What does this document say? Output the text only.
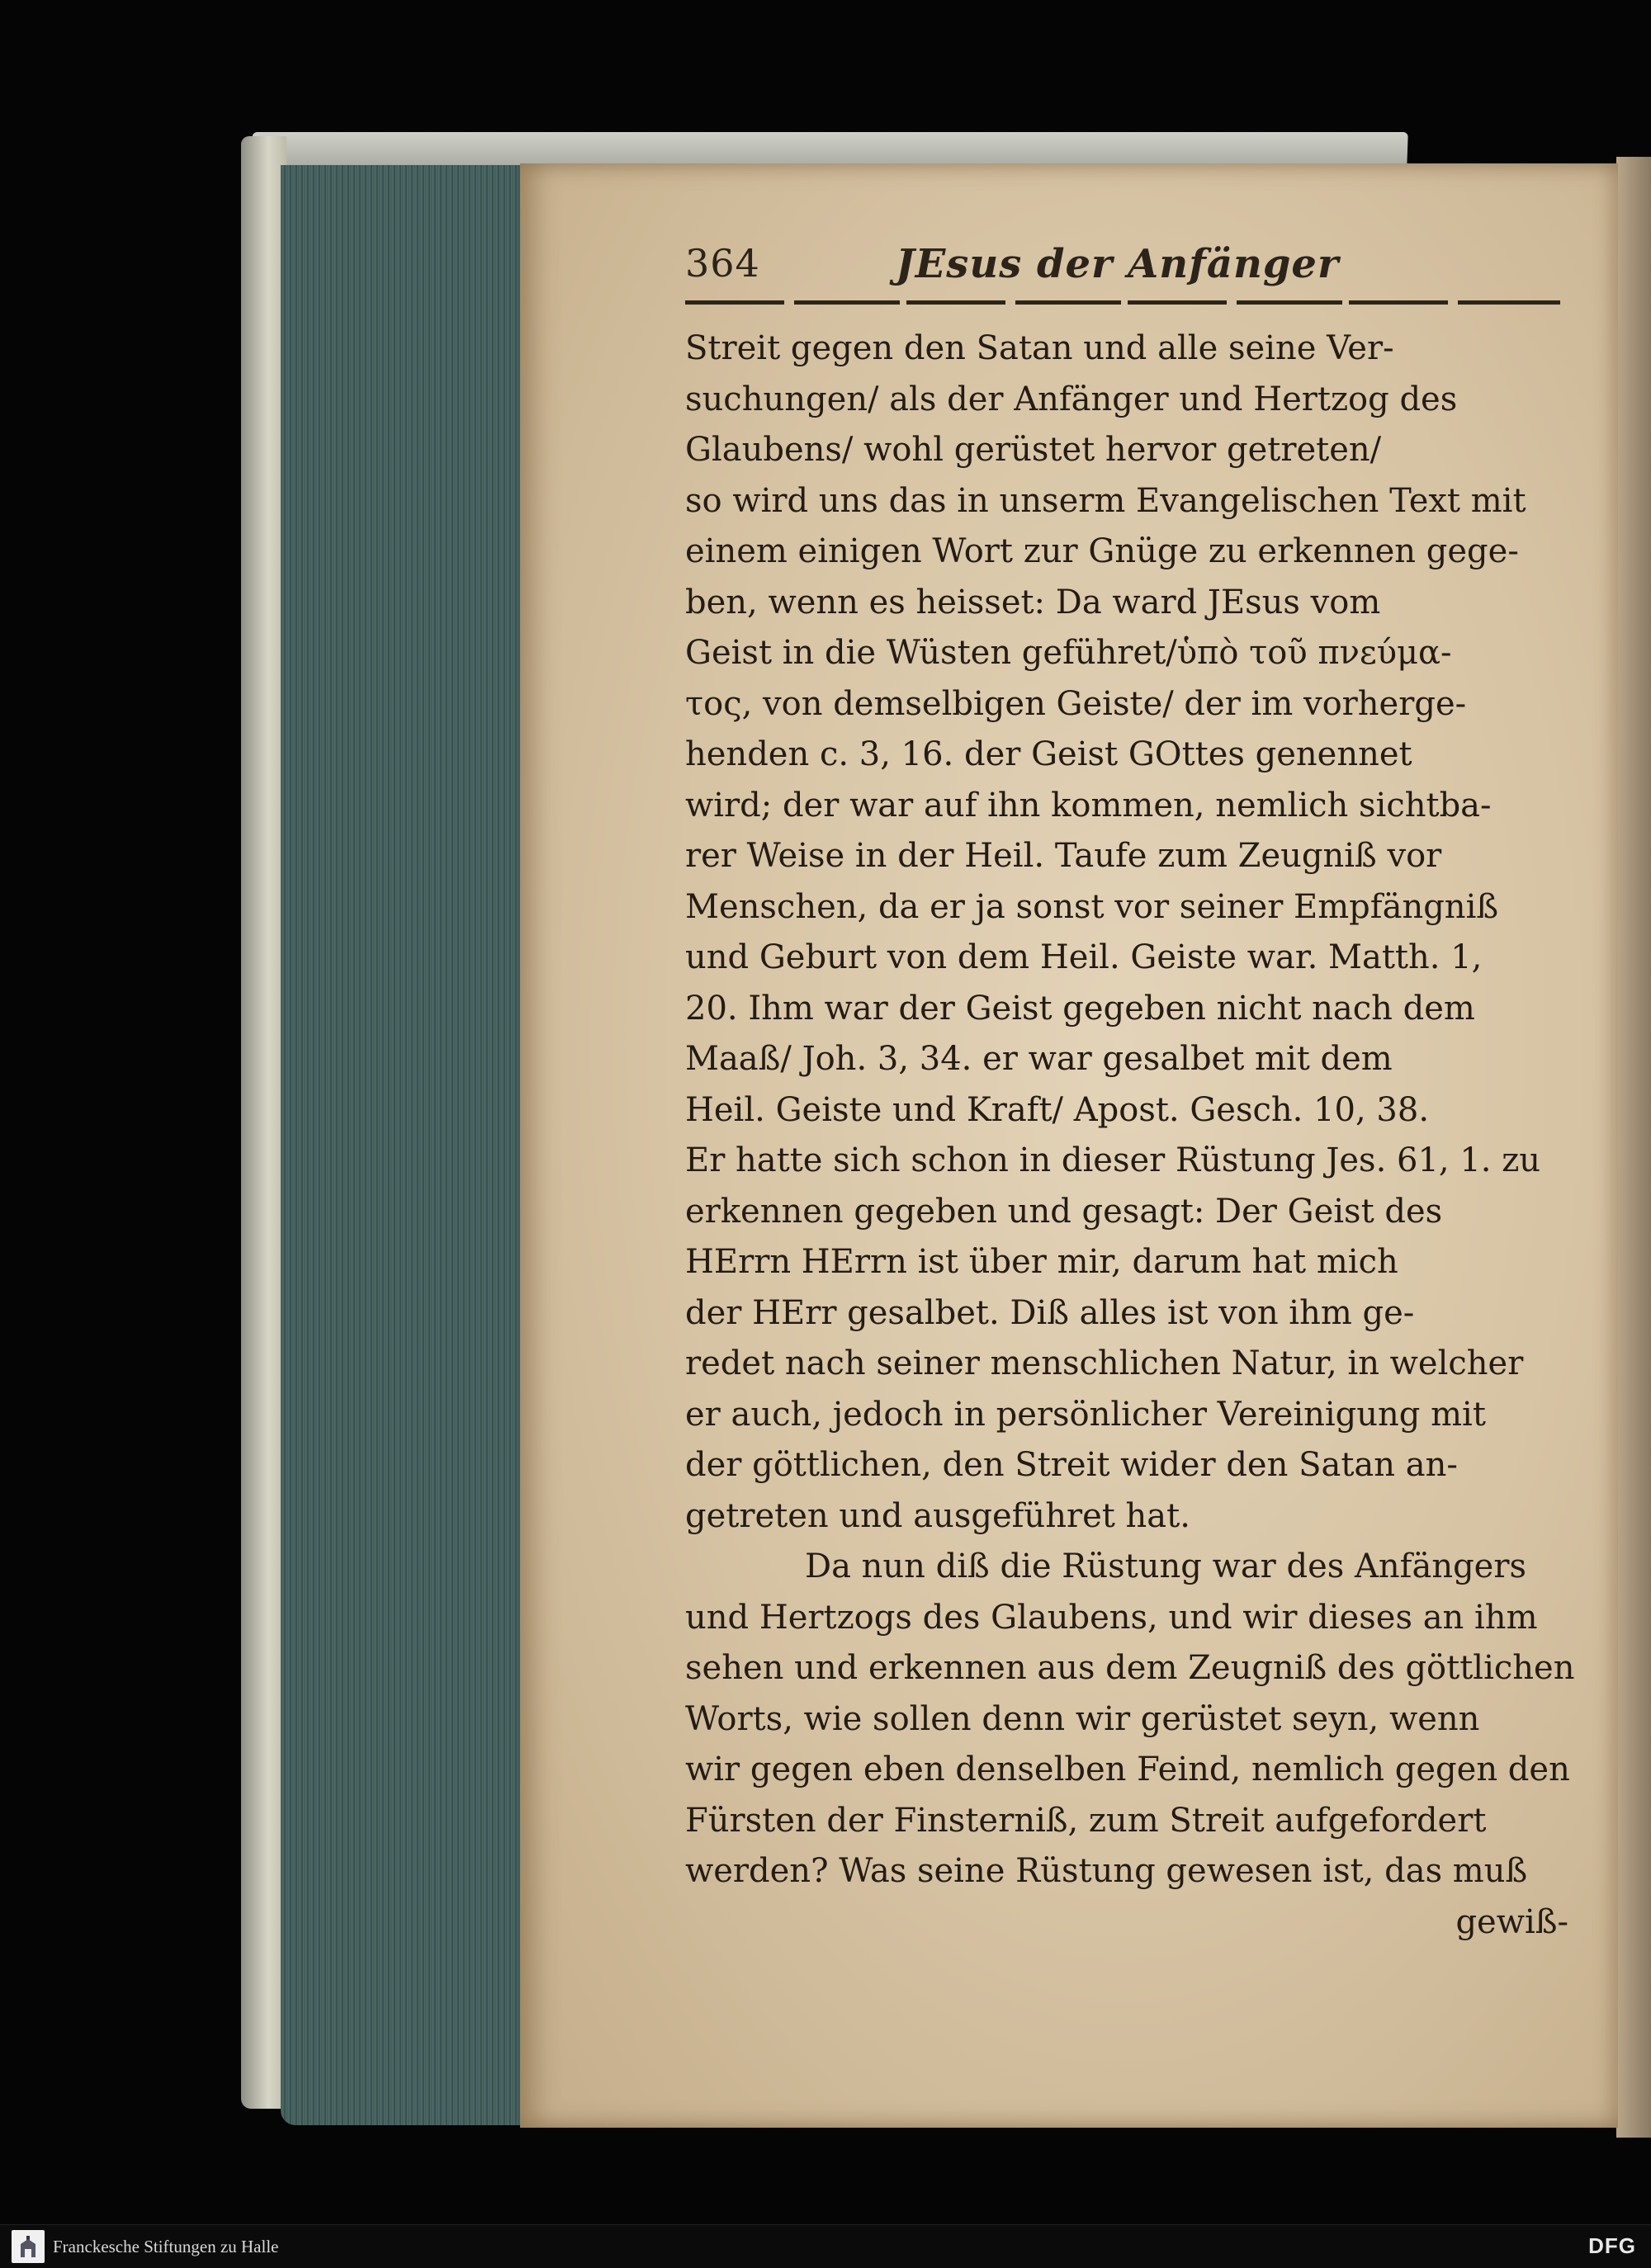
364	JEsus der Anfänger
Streit gegen den Satan und alle seine Ver-
suchungen/ als der Anfänger und Hertzog des
Glaubens/ wohl gerüstet hervor getreten/
so wird uns das in unserm Evangelischen Text mit
einem einigen Wort zur Gnüge zu erkennen gege-
ben, wenn es heisset: Da ward JEsus vom
Geist in die Wüsten geführet/ὑπὸ τοῦ πνεύμα-
τος, von demselbigen Geiste/ der im vorherge-
henden c. 3, 16. der Geist GOttes genennet
wird; der war auf ihn kommen, nemlich sichtba-
rer Weise in der Heil. Taufe zum Zeugniß vor
Menschen, da er ja sonst vor seiner Empfängniß
und Geburt von dem Heil. Geiste war. Matth. 1,
20. Ihm war der Geist gegeben nicht nach dem
Maaß/ Joh. 3, 34. er war gesalbet mit dem
Heil. Geiste und Kraft/ Apost. Gesch. 10, 38.
Er hatte sich schon in dieser Rüstung Jes. 61, 1. zu
erkennen gegeben und gesagt: Der Geist des
HErrn HErrn ist über mir, darum hat mich
der HErr gesalbet. Diß alles ist von ihm ge-
redet nach seiner menschlichen Natur, in welcher
er auch, jedoch in persönlicher Vereinigung mit
der göttlichen, den Streit wider den Satan an-
getreten und ausgeführet hat.
Da nun diß die Rüstung war des Anfängers
und Hertzogs des Glaubens, und wir dieses an ihm
sehen und erkennen aus dem Zeugniß des göttlichen
Worts, wie sollen denn wir gerüstet seyn, wenn
wir gegen eben denselben Feind, nemlich gegen den
Fürsten der Finsterniß, zum Streit aufgefordert
werden? Was seine Rüstung gewesen ist, das muß
gewiß-
Franckesche Stiftungen zu Halle	DFG
